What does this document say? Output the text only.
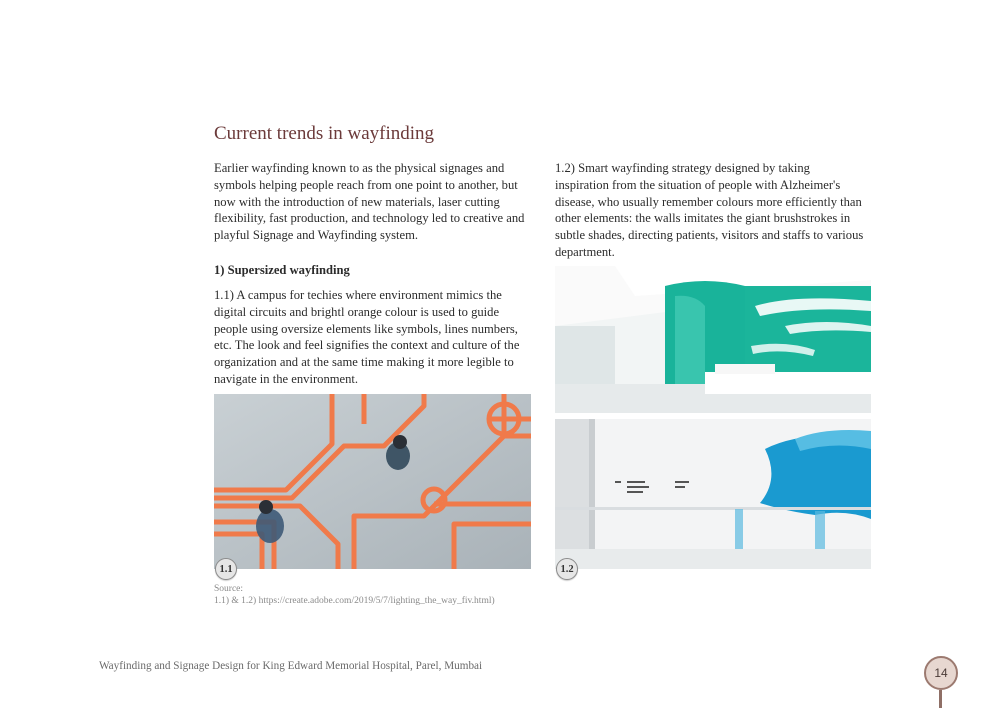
Current trends in wayfinding

Earlier wayfinding known to as the physical signages and symbols helping people reach from one point to another, but now with the introduction of new materials, laser cutting flexibility, fast production, and technology led to creative and playful Signage and Wayfinding system.

1) Supersized wayfinding

1.1) A campus for techies where environment mimics the digital circuits and brightl orange colour is used to guide people using oversize elements like symbols, lines numbers, etc. The look and feel signifies the context and culture of the organization and at the same time making it more legible to navigate in the environment.

1.2) Smart wayfinding strategy designed by taking inspiration from the situation of people with Alzheimer's disease, who usually remember colours more efficiently than other elements: the walls imitates the giant brushstrokes in subtle shades, directing patients, visitors and staffs to various department.

1.1	1.2

Source:

1.1) & 1.2) https://create.adobe.com/2019/5/7/lighting_the_way_fiv.html)

Wayfinding and Signage Design for King Edward Memorial Hospital, Parel, Mumbai	14
